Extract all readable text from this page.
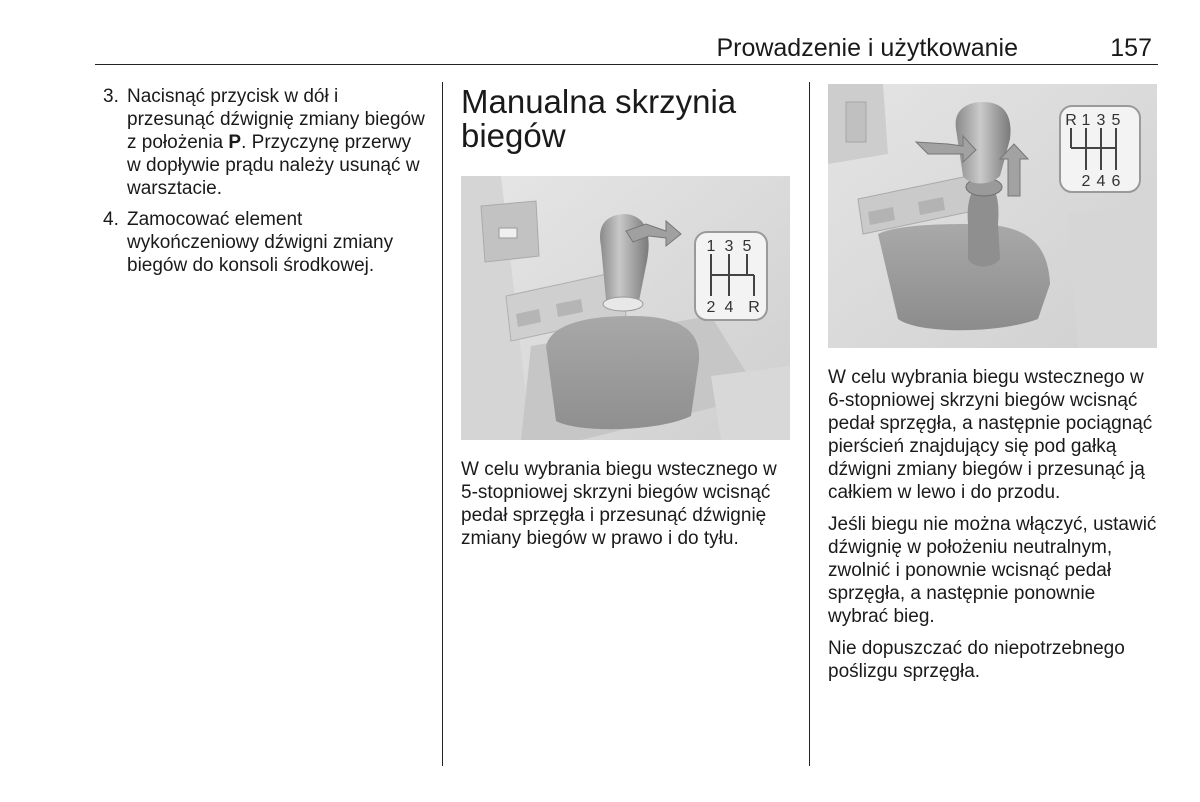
Prowadzenie i użytkowanie	157
3. Nacisnąć przycisk w dół i przesunąć dźwignię zmiany biegów z położenia P. Przyczynę przerwy w dopływie prądu należy usunąć w warsztacie.
4. Zamocować element wykończeniowy dźwigni zmiany biegów do konsoli środkowej.
Manualna skrzynia biegów
1 3 5
2 4 R

W celu wybrania biegu wstecznego w 5-stopniowej skrzyni biegów wcisnąć pedał sprzęgła i przesunąć dźwignię zmiany biegów w prawo i do tyłu.

R 1 3 5
2 4 6

W celu wybrania biegu wstecznego w 6-stopniowej skrzyni biegów wcisnąć pedał sprzęgła, a następnie pociągnąć pierścień znajdujący się pod gałką dźwigni zmiany biegów i przesunąć ją całkiem w lewo i do przodu.

Jeśli biegu nie można włączyć, ustawić dźwignię w położeniu neutralnym, zwolnić i ponownie wcisnąć pedał sprzęgła, a następnie ponownie wybrać bieg.

Nie dopuszczać do niepotrzebnego poślizgu sprzęgła.
